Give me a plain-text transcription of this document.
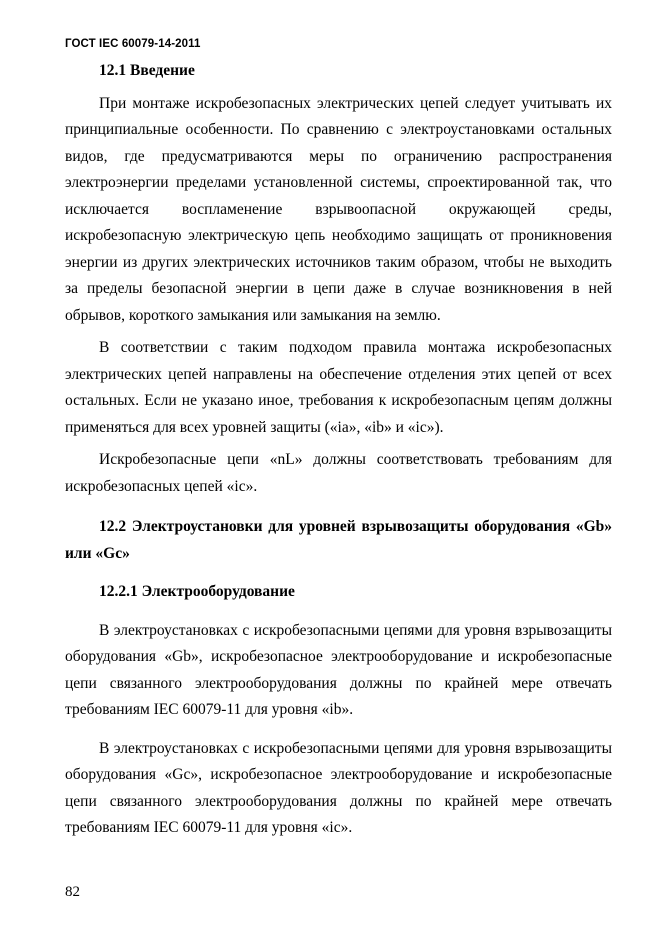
ГОСТ IEC 60079-14-2011
12.1 Введение

При монтаже искробезопасных электрических цепей следует учитывать их принципиальные особенности. По сравнению с электроустановками остальных видов, где предусматриваются меры по ограничению распространения электроэнергии пределами установленной системы, спроектированной так, что исключается воспламенение взрывоопасной окружающей среды, искробезопасную электрическую цепь необходимо защищать от проникновения энергии из других электрических источников таким образом, чтобы не выходить за пределы безопасной энергии в цепи даже в случае возникновения в ней обрывов, короткого замыкания или замыкания на землю.

В соответствии с таким подходом правила монтажа искробезопасных электрических цепей направлены на обеспечение отделения этих цепей от всех остальных. Если не указано иное, требования к искробезопасным цепям должны применяться для всех уровней защиты («ia», «ib» и «ic»).

Искробезопасные цепи «nL» должны соответствовать требованиям для искробезопасных цепей «ic».

12.2 Электроустановки для уровней взрывозащиты оборудования «Gb» или «Gc»
12.2.1 Электрооборудование

В электроустановках с искробезопасными цепями для уровня взрывозащиты оборудования «Gb», искробезопасное электрооборудование и искробезопасные цепи связанного электрооборудования должны по крайней мере отвечать требованиям IEC 60079-11 для уровня «ib».

В электроустановках с искробезопасными цепями для уровня взрывозащиты оборудования «Gc», искробезопасное электрооборудование и искробезопасные цепи связанного электрооборудования должны по крайней мере отвечать требованиям IEC 60079-11 для уровня «ic».

82
